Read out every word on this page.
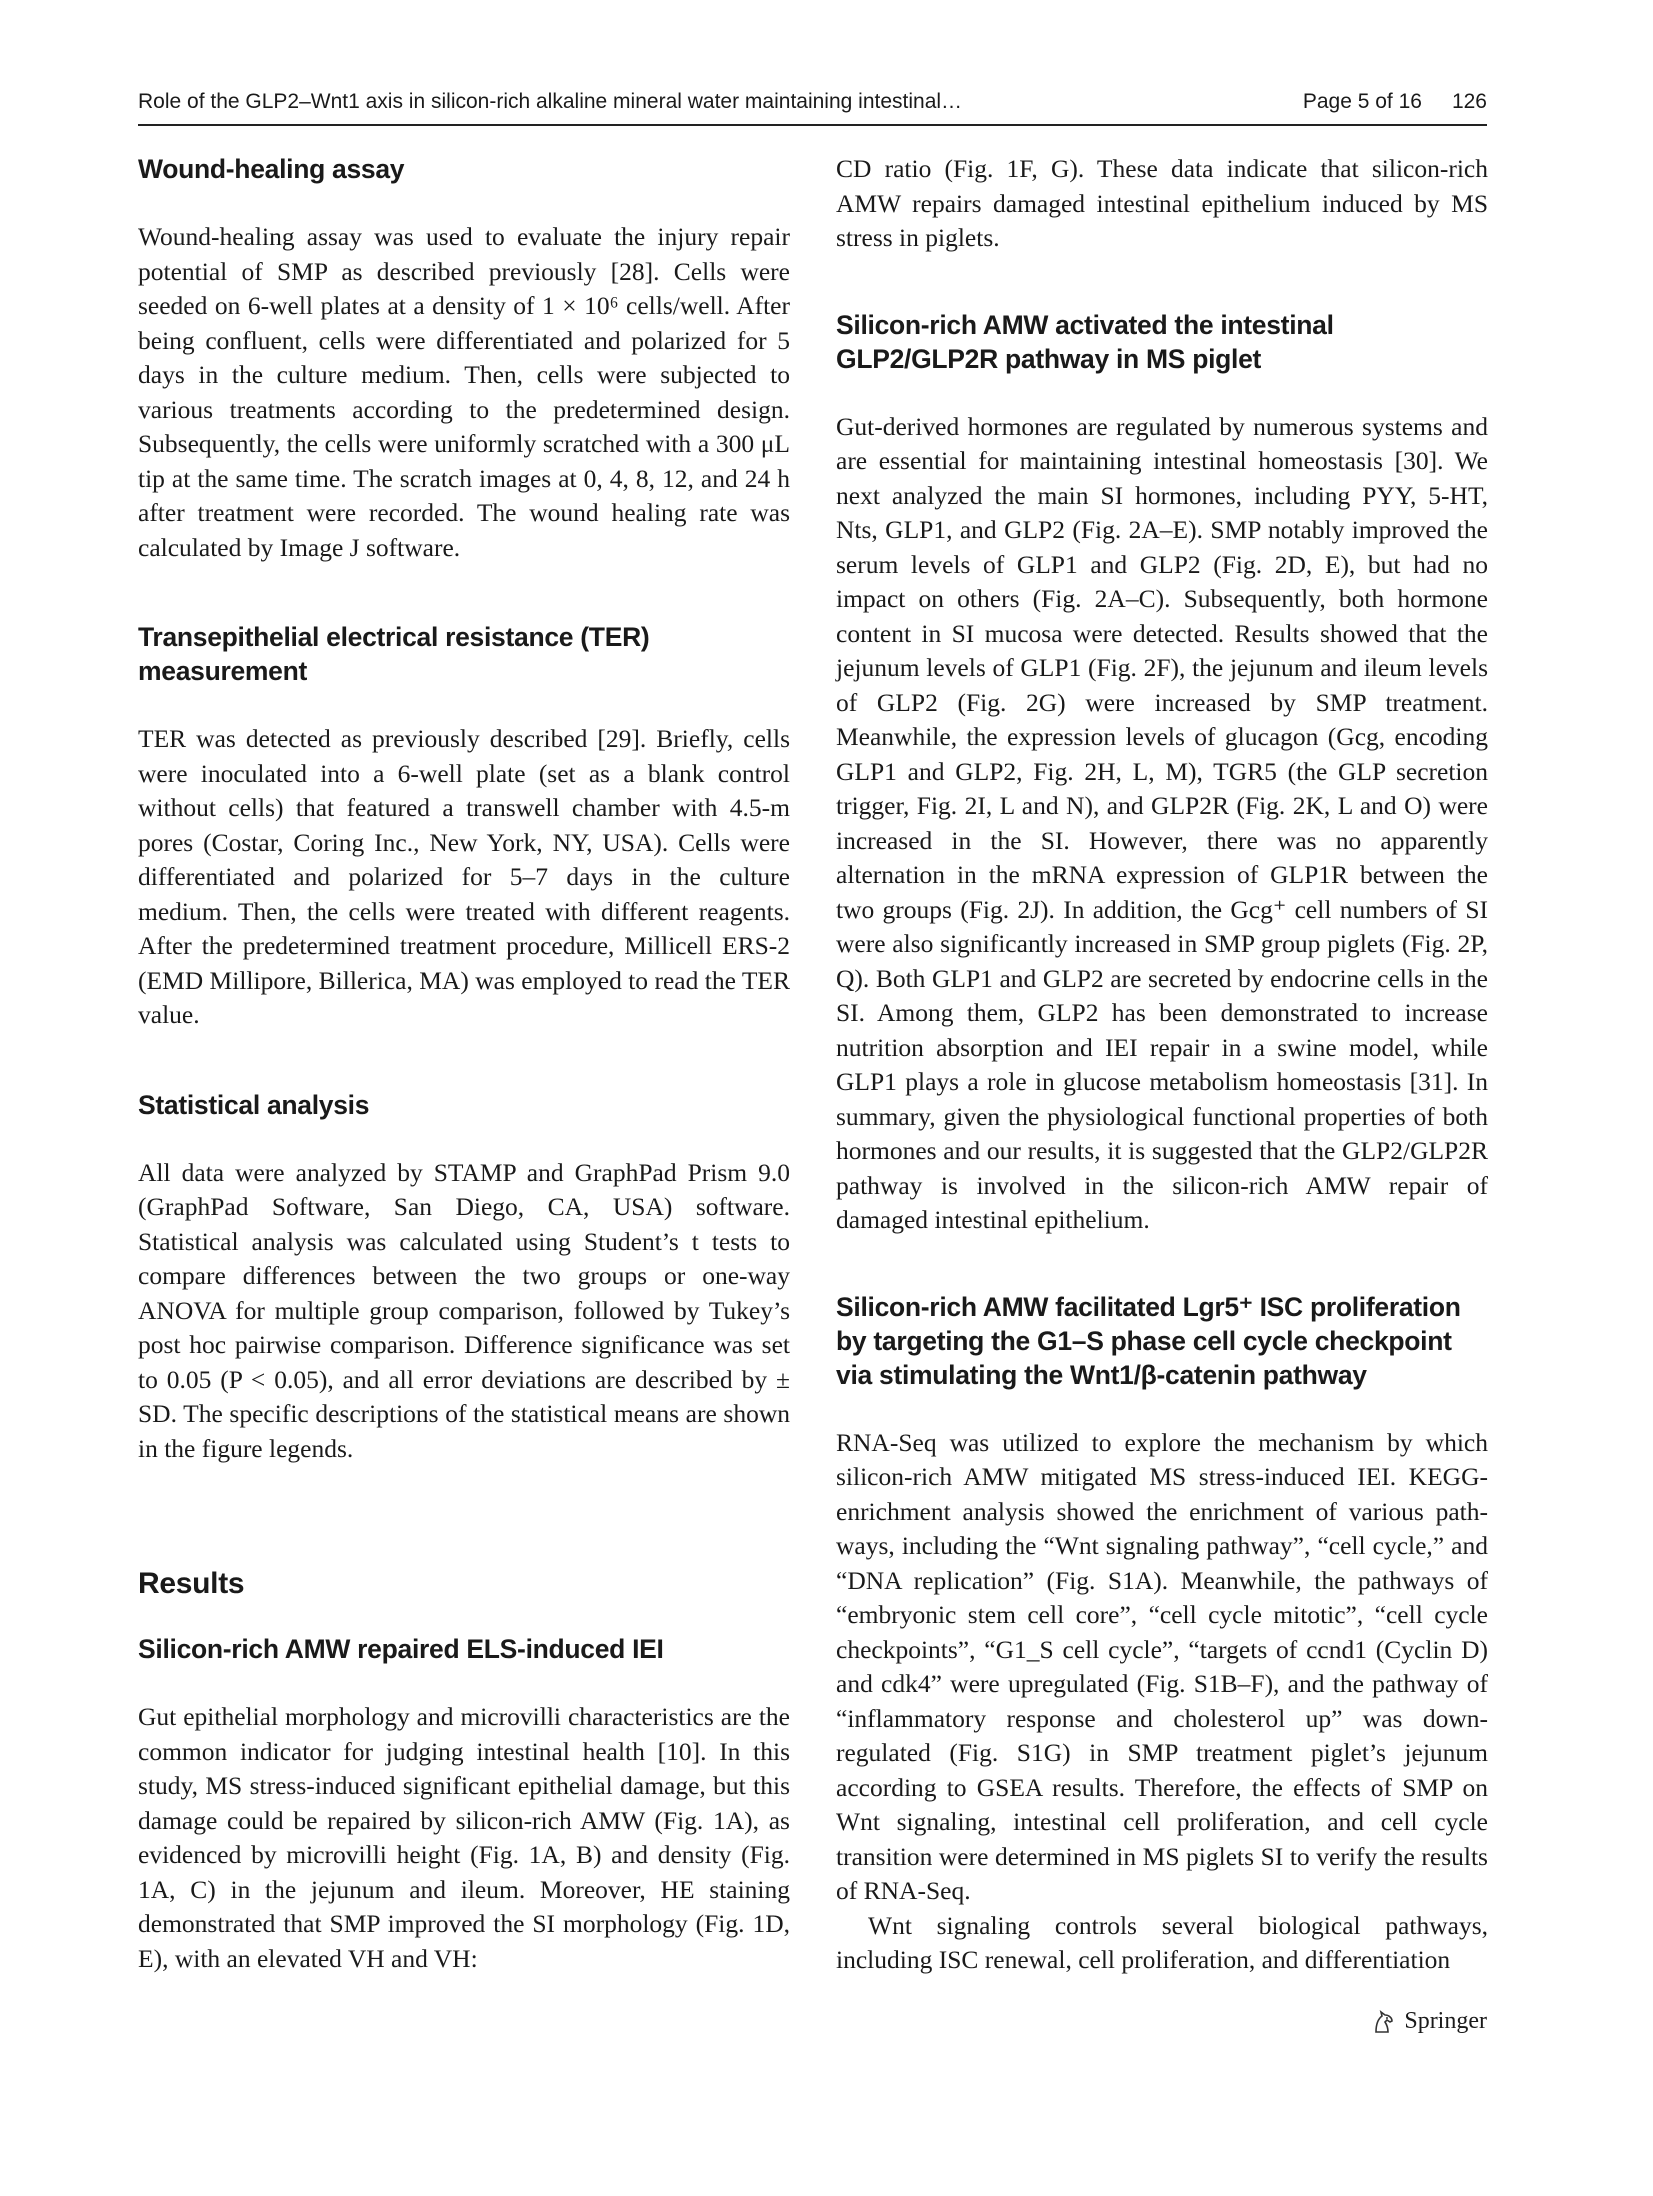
Role of the GLP2–Wnt1 axis in silicon-rich alkaline mineral water maintaining intestinal…	Page 5 of 16 126
Wound-healing assay

Wound-healing assay was used to evaluate the injury repair potential of SMP as described previously [28]. Cells were seeded on 6-well plates at a density of 1 × 10⁶ cells/well. After being confluent, cells were differentiated and polarized for 5 days in the culture medium. Then, cells were subjected to various treatments according to the predetermined design. Subsequently, the cells were uniformly scratched with a 300 μL tip at the same time. The scratch images at 0, 4, 8, 12, and 24 h after treatment were recorded. The wound healing rate was calculated by Image J software.

Transepithelial electrical resistance (TER) measurement

TER was detected as previously described [29]. Briefly, cells were inoculated into a 6-well plate (set as a blank control without cells) that featured a transwell chamber with 4.5-m pores (Costar, Coring Inc., New York, NY, USA). Cells were differentiated and polarized for 5–7 days in the culture medium. Then, the cells were treated with different reagents. After the predetermined treatment procedure, Millicell ERS-2 (EMD Millipore, Billerica, MA) was employed to read the TER value.

Statistical analysis

All data were analyzed by STAMP and GraphPad Prism 9.0 (GraphPad Software, San Diego, CA, USA) software. Statistical analysis was calculated using Student’s t tests to compare differences between the two groups or one-way ANOVA for multiple group comparison, followed by Tukey’s post hoc pairwise comparison. Difference significance was set to 0.05 (P < 0.05), and all error deviations are described by ± SD. The specific descriptions of the statistical means are shown in the figure legends.

Results
Silicon-rich AMW repaired ELS-induced IEI

Gut epithelial morphology and microvilli characteristics are the common indicator for judging intestinal health [10]. In this study, MS stress-induced significant epithelial damage, but this damage could be repaired by silicon-rich AMW (Fig. 1A), as evidenced by microvilli height (Fig. 1A, B) and density (Fig. 1A, C) in the jejunum and ileum. Moreover, HE staining demonstrated that SMP improved the SI morphology (Fig. 1D, E), with an elevated VH and VH:

CD ratio (Fig. 1F, G). These data indicate that silicon-rich AMW repairs damaged intestinal epithelium induced by MS stress in piglets.

Silicon-rich AMW activated the intestinal GLP2/GLP2R pathway in MS piglet

Gut-derived hormones are regulated by numerous systems and are essential for maintaining intestinal homeostasis [30]. We next analyzed the main SI hormones, including PYY, 5-HT, Nts, GLP1, and GLP2 (Fig. 2A–E). SMP notably improved the serum levels of GLP1 and GLP2 (Fig. 2D, E), but had no impact on others (Fig. 2A–C). Subsequently, both hormone content in SI mucosa were detected. Results showed that the jejunum levels of GLP1 (Fig. 2F), the jejunum and ileum levels of GLP2 (Fig. 2G) were increased by SMP treatment. Meanwhile, the expression levels of glucagon (Gcg, encoding GLP1 and GLP2, Fig. 2H, L, M), TGR5 (the GLP secretion trigger, Fig. 2I, L and N), and GLP2R (Fig. 2K, L and O) were increased in the SI. However, there was no apparently alternation in the mRNA expression of GLP1R between the two groups (Fig. 2J). In addition, the Gcg⁺ cell numbers of SI were also significantly increased in SMP group piglets (Fig. 2P, Q). Both GLP1 and GLP2 are secreted by endocrine cells in the SI. Among them, GLP2 has been demonstrated to increase nutrition absorption and IEI repair in a swine model, while GLP1 plays a role in glucose metabolism homeostasis [31]. In summary, given the physiological functional properties of both hormones and our results, it is suggested that the GLP2/GLP2R pathway is involved in the silicon-rich AMW repair of damaged intestinal epithelium.

Silicon-rich AMW facilitated Lgr5⁺ ISC proliferation by targeting the G1–S phase cell cycle checkpoint via stimulating the Wnt1/β-catenin pathway

RNA-Seq was utilized to explore the mechanism by which silicon-rich AMW mitigated MS stress-induced IEI. KEGG-enrichment analysis showed the enrichment of various pathways, including the “Wnt signaling pathway”, “cell cycle,” and “DNA replication” (Fig. S1A). Meanwhile, the pathways of “embryonic stem cell core”, “cell cycle mitotic”, “cell cycle checkpoints”, “G1_S cell cycle”, “targets of ccnd1 (Cyclin D) and cdk4” were upregulated (Fig. S1B–F), and the pathway of “inflammatory response and cholesterol up” was down-regulated (Fig. S1G) in SMP treatment piglet’s jejunum according to GSEA results. Therefore, the effects of SMP on Wnt signaling, intestinal cell proliferation, and cell cycle transition were determined in MS piglets SI to verify the results of RNA-Seq.

Wnt signaling controls several biological pathways, including ISC renewal, cell proliferation, and differentiation

Springer
